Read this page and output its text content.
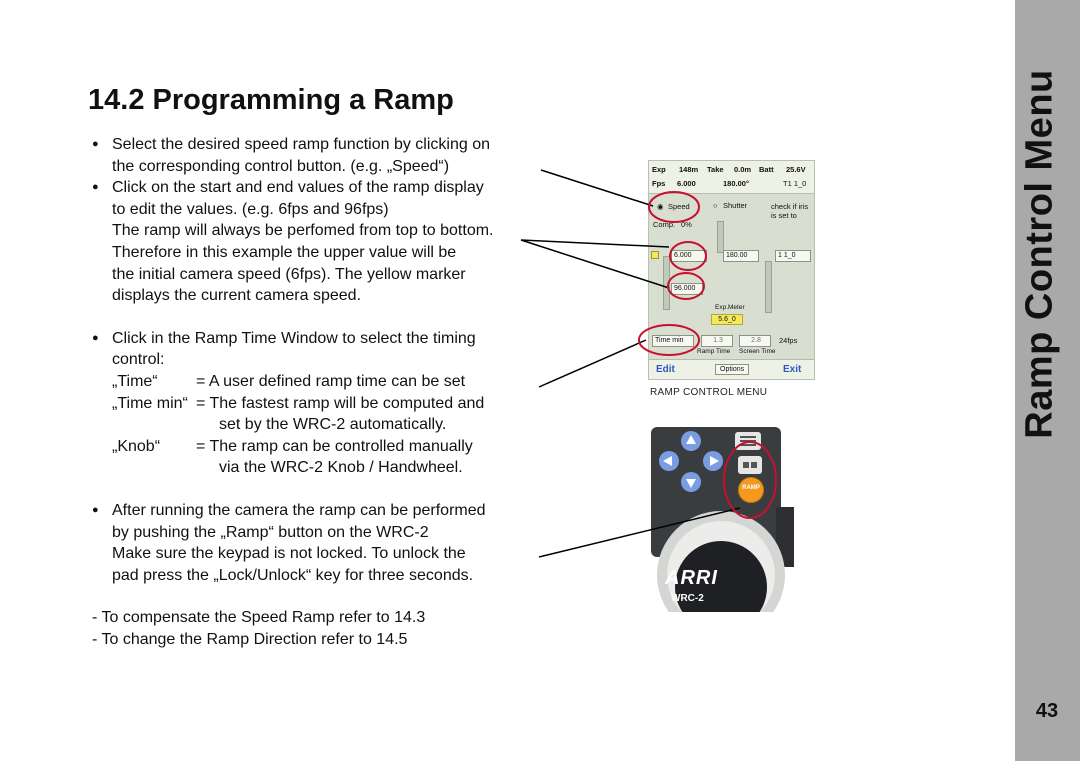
14.2 Programming a Ramp

● Select the desired speed ramp function by clicking on

the corresponding control button. (e.g. „Speed“)

● Click on the start and end values of the ramp display

to edit the values. (e.g. 6fps and 96fps)

The ramp will always be perfomed from top to bottom.

Therefore in this example the upper value will be

the initial camera speed (6fps). The yellow marker

displays the current camera speed.

● Click in the Ramp Time Window to select the timing

control:

„Time“	= A user defined ramp time can be set

„Time min“ = The fastest ramp will be computed and

set by the WRC-2 automatically.

„Knob“	= The ramp can be controlled manually

via the WRC-2 Knob / Handwheel.

● After running the camera the ramp can be performed

by pushing the „Ramp“ button on the WRC-2

Make sure the keypad is not locked. To unlock the

pad press the „Lock/Unlock“ key for three seconds.

- To compensate the Speed Ramp refer to 14.3

- To change the Ramp Direction refer to 14.5

Ramp Control Menu
43
Exp 148m Take 0.0m Batt 25.6V
Fps 6.000	180.00°	T1 1_0
◉ Speed	○ Shutter	check if iris is set to
Comp. 0%
6.000	180.00	1 1_0
96.000
Exp.Meter
5.6_0
Time min	1.3	2.8	24fps
Ramp Time Screen Time
Edit	Options	Exit
RAMP CONTROL MENU
RAMP
ARRI
WRC-2
